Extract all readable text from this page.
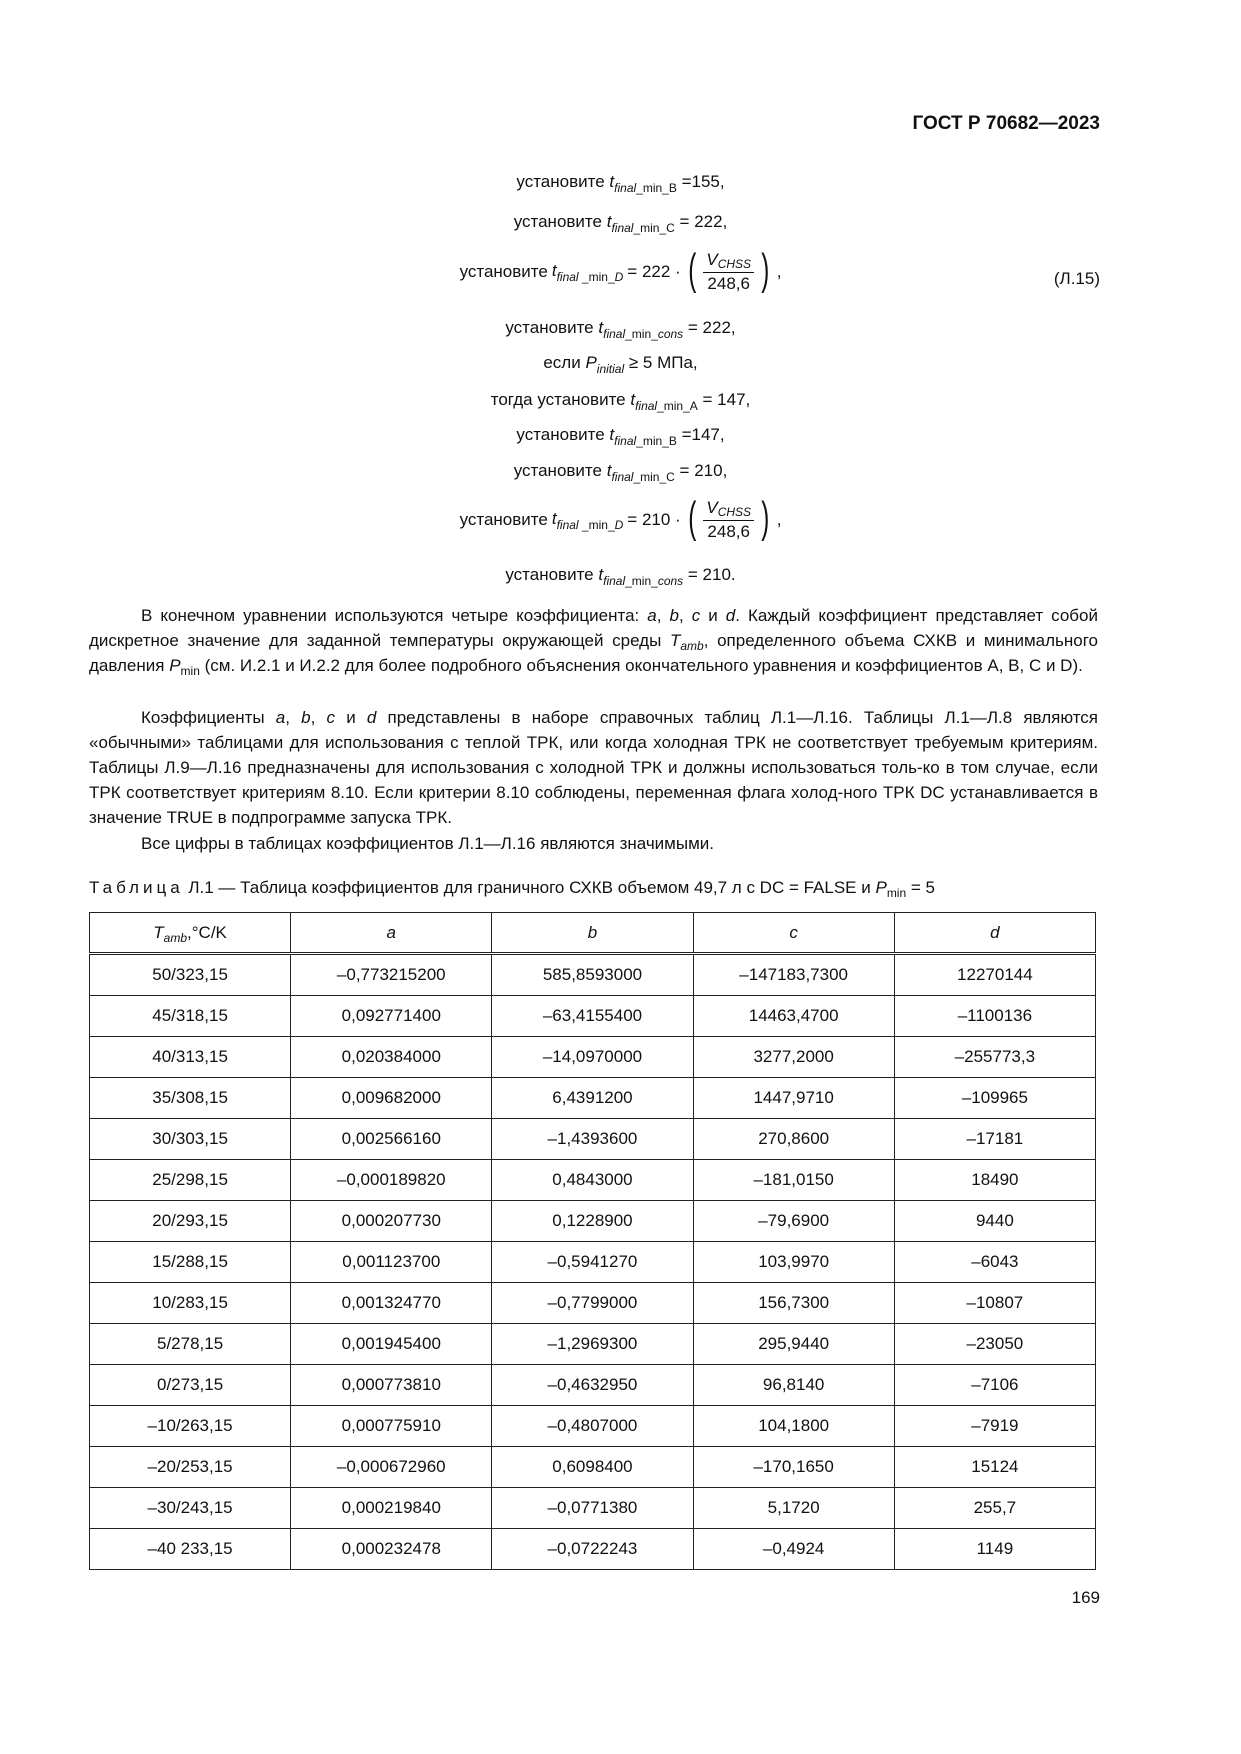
ГОСТ Р 70682—2023
установите $t_{final\_min\_B} =155$,
установите $t_{final\_min\_C} = 222$,
установите $t_{final \_min\_D} = 222$ · ( $\frac{V_{CHSS}}{248,6}$ ) ,	(Л.15)
установите $t_{final\_min\_cons} = 222$,
если $P_{initial} \ge 5$ МПа,
тогда установите $t_{final\_min\_A} = 147$,
установите $t_{final\_min\_B} =147$,
установите $t_{final\_min\_C} = 210$,
установите $t_{final \_min\_D} = 210$ · ( $\frac{V_{CHSS}}{248,6}$ ) ,
установите $t_{final\_min\_cons} = 210$.
В конечном уравнении используются четыре коэффициента: a, b, c и d. Каждый коэффициент представляет собой дискретное значение для заданной температуры окружающей среды $T_{amb}$, определенного объема СХКВ и минимального давления $P_{min}$ (см. И.2.1 и И.2.2 для более подробного объяснения окончательного уравнения и коэффициентов A, B, C и D).
Коэффициенты a, b, c и d представлены в наборе справочных таблиц Л.1—Л.16. Таблицы Л.1—Л.8 являются «обычными» таблицами для использования с теплой ТРК, или когда холодная ТРК не соответствует требуемым критериям. Таблицы Л.9—Л.16 предназначены для использования с холодной ТРК и должны использоваться толь-ко в том случае, если ТРК соответствует критериям 8.10. Если критерии 8.10 соблюдены, переменная флага холод-ного ТРК DC устанавливается в значение TRUE в подпрограмме запуска ТРК.
Все цифры в таблицах коэффициентов Л.1—Л.16 являются значимыми.
Таблица Л.1 — Таблица коэффициентов для граничного СХКВ объемом 49,7 л с DC = FALSE и $P_{min} = 5$
$T_{amb},^\circ C/K$	a	b	c	d
50/323,15	–0,773215200	585,8593000	–147183,7300	12270144
45/318,15	0,092771400	–63,4155400	14463,4700	–1100136
40/313,15	0,020384000	–14,0970000	3277,2000	–255773,3
35/308,15	0,009682000	6,4391200	1447,9710	–109965
30/303,15	0,002566160	–1,4393600	270,8600	–17181
25/298,15	–0,000189820	0,4843000	–181,0150	18490
20/293,15	0,000207730	0,1228900	–79,6900	9440
15/288,15	0,001123700	–0,5941270	103,9970	–6043
10/283,15	0,001324770	–0,7799000	156,7300	–10807
5/278,15	0,001945400	–1,2969300	295,9440	–23050
0/273,15	0,000773810	–0,4632950	96,8140	–7106
–10/263,15	0,000775910	–0,4807000	104,1800	–7919
–20/253,15	–0,000672960	0,6098400	–170,1650	15124
–30/243,15	0,000219840	–0,0771380	5,1720	255,7
–40 233,15	0,000232478	–0,0722243	–0,4924	1149
169
